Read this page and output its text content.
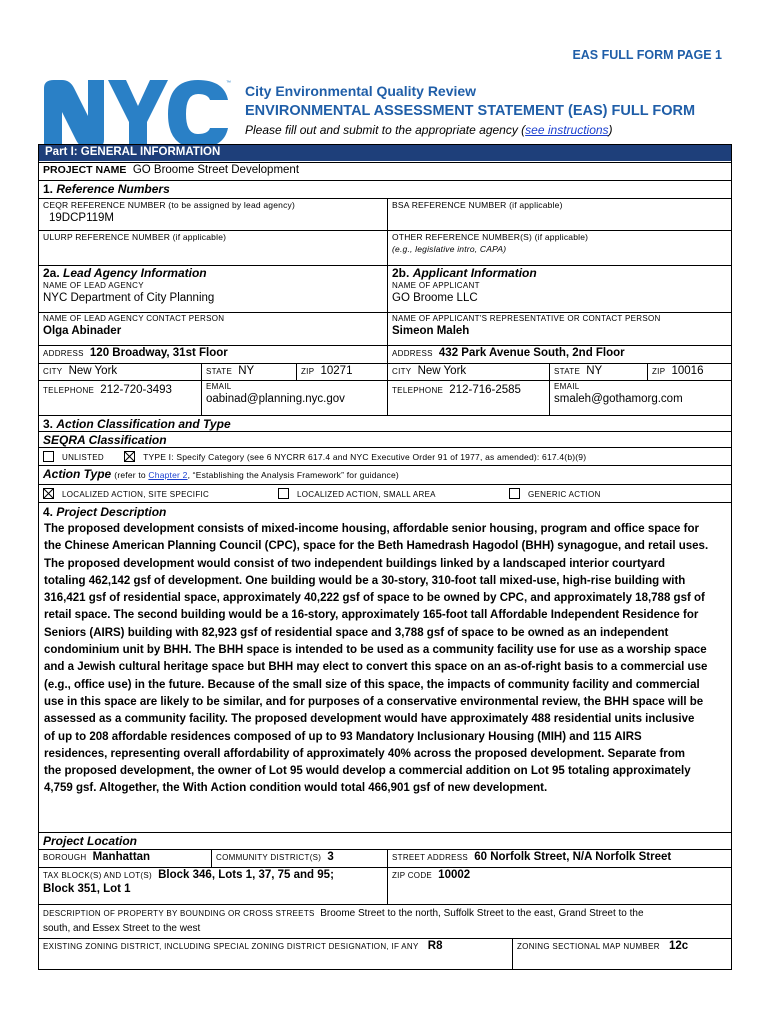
EAS FULL FORM PAGE 1
™ City Environmental Quality Review
ENVIRONMENTAL ASSESSMENT STATEMENT (EAS) FULL FORM
Please fill out and submit to the appropriate agency (see instructions)
Part I: GENERAL INFORMATION
PROJECT NAME GO Broome Street Development
1. Reference Numbers
CEQR REFERENCE NUMBER (to be assigned by lead agency)
19DCP119M
BSA REFERENCE NUMBER (if applicable)
ULURP REFERENCE NUMBER (if applicable)	OTHER REFERENCE NUMBER(S) (if applicable)
(e.g., legislative intro, CAPA)
2a. Lead Agency Information	2b. Applicant Information
NAME OF LEAD AGENCY
NYC Department of City Planning
NAME OF APPLICANT
GO Broome LLC
NAME OF LEAD AGENCY CONTACT PERSON
Olga Abinader
NAME OF APPLICANT'S REPRESENTATIVE OR CONTACT PERSON
Simeon Maleh
ADDRESS 120 Broadway, 31st Floor	ADDRESS 432 Park Avenue South, 2nd Floor
CITY New York	STATE NY	ZIP 10271	CITY New York	STATE NY	ZIP 10016
TELEPHONE 212-720-3493	EMAIL
oabinad@planning.nyc.gov
TELEPHONE 212-716-2585	EMAIL
smaleh@gothamorg.com
3. Action Classification and Type
SEQRA Classification
UNLISTED	TYPE I: Specify Category (see 6 NYCRR 617.4 and NYC Executive Order 91 of 1977, as amended): 617.4(b)(9)
Action Type (refer to Chapter 2, “Establishing the Analysis Framework” for guidance)
LOCALIZED ACTION, SITE SPECIFIC	LOCALIZED ACTION, SMALL AREA	GENERIC ACTION
4. Project Description
The proposed development consists of mixed-income housing, affordable senior housing, program and office space for
the Chinese American Planning Council (CPC), space for the Beth Hamedrash Hagodol (BHH) synagogue, and retail uses.
The proposed development would consist of two independent buildings linked by a landscaped interior courtyard
totaling 462,142 gsf of development. One building would be a 30-story, 310-foot tall mixed-use, high-rise building with
316,421 gsf of residential space, approximately 40,222 gsf of space to be owned by CPC, and approximately 18,788 gsf of
retail space. The second building would be a 16-story, approximately 165-foot tall Affordable Independent Residence for
Seniors (AIRS) building with 82,923 gsf of residential space and 3,788 gsf of space to be owned as an independent
condominium unit by BHH. The BHH space is intended to be used as a community facility use for use as a worship space
and a Jewish cultural heritage space but BHH may elect to convert this space on an as-of-right basis to a commercial use
(e.g., office use) in the future. Because of the small size of this space, the impacts of community facility and commercial
use in this space are likely to be similar, and for purposes of a conservative environmental review, the BHH space will be
assessed as a community facility. The proposed development would have approximately 488 residential units inclusive
of up to 208 affordable residences composed of up to 93 Mandatory Inclusionary Housing (MIH) and 115 AIRS
residences, representing overall affordability of approximately 40% across the proposed development. Separate from
the proposed development, the owner of Lot 95 would develop a commercial addition on Lot 95 totaling approximately
4,759 gsf. Altogether, the With Action condition would total 466,901 gsf of new development.
Project Location
BOROUGH Manhattan	COMMUNITY DISTRICT(S) 3	STREET ADDRESS 60 Norfolk Street, N/A Norfolk Street
TAX BLOCK(S) AND LOT(S) Block 346, Lots 1, 37, 75 and 95;
Block 351, Lot 1
ZIP CODE 10002
DESCRIPTION OF PROPERTY BY BOUNDING OR CROSS STREETS Broome Street to the north, Suffolk Street to the east, Grand Street to the
south, and Essex Street to the west
EXISTING ZONING DISTRICT, INCLUDING SPECIAL ZONING DISTRICT DESIGNATION, IF ANY R8	ZONING SECTIONAL MAP NUMBER 12c
